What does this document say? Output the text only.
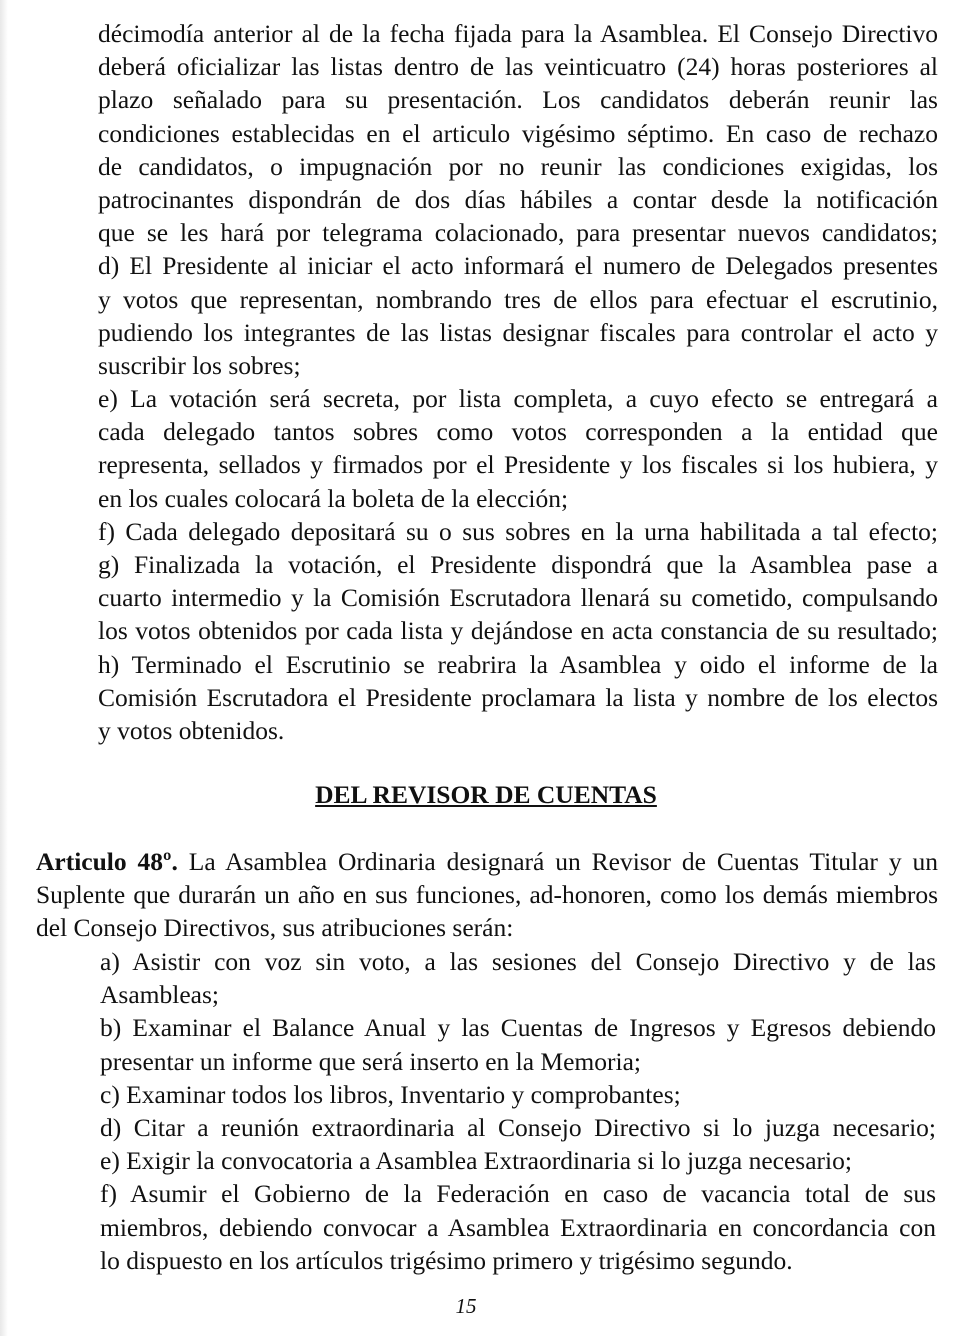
décimodía anterior al de la fecha fijada para la Asamblea. El Consejo Directivo
deberá oficializar las listas dentro de las veinticuatro (24) horas posteriores al
plazo señalado para su presentación. Los candidatos deberán reunir las
condiciones establecidas en el articulo vigésimo séptimo. En caso de rechazo
de candidatos, o impugnación por no reunir las condiciones exigidas, los
patrocinantes dispondrán de dos días hábiles a contar desde la notificación
que se les hará por telegrama colacionado, para presentar nuevos candidatos;
d) El Presidente al iniciar el acto informará el numero de Delegados presentes
y votos que representan, nombrando tres de ellos para efectuar el escrutinio,
pudiendo los integrantes de las listas designar fiscales para controlar el acto y
suscribir los sobres;
e) La votación será secreta, por lista completa, a cuyo efecto se entregará a
cada delegado tantos sobres como votos corresponden a la entidad que
representa, sellados y firmados por el Presidente y los fiscales si los hubiera, y
en los cuales colocará la boleta de la elección;
f) Cada delegado depositará su o sus sobres en la urna habilitada a tal efecto;
g) Finalizada la votación, el Presidente dispondrá que la Asamblea pase a
cuarto intermedio y la Comisión Escrutadora llenará su cometido, compulsando
los votos obtenidos por cada lista y dejándose en acta constancia de su resultado;
h) Terminado el Escrutinio se reabrira la Asamblea y oido el informe de la
Comisión Escrutadora el Presidente proclamara la lista y nombre de los electos
y votos obtenidos.
DEL REVISOR DE CUENTAS
Articulo 48º. La Asamblea Ordinaria designará un Revisor de Cuentas Titular y un
Suplente que durarán un año en sus funciones, ad-honoren, como los demás miembros
del Consejo Directivos, sus atribuciones serán:
a) Asistir con voz sin voto, a las sesiones del Consejo Directivo y de las
Asambleas;
b) Examinar el Balance Anual y las Cuentas de Ingresos y Egresos debiendo
presentar un informe que será inserto en la Memoria;
c) Examinar todos los libros, Inventario y comprobantes;
d) Citar a reunión extraordinaria al Consejo Directivo si lo juzga necesario;
e) Exigir la convocatoria a Asamblea Extraordinaria si lo juzga necesario;
f) Asumir el Gobierno de la Federación en caso de vacancia total de sus
miembros, debiendo convocar a Asamblea Extraordinaria en concordancia con
lo dispuesto en los artículos trigésimo primero y trigésimo segundo.
15
